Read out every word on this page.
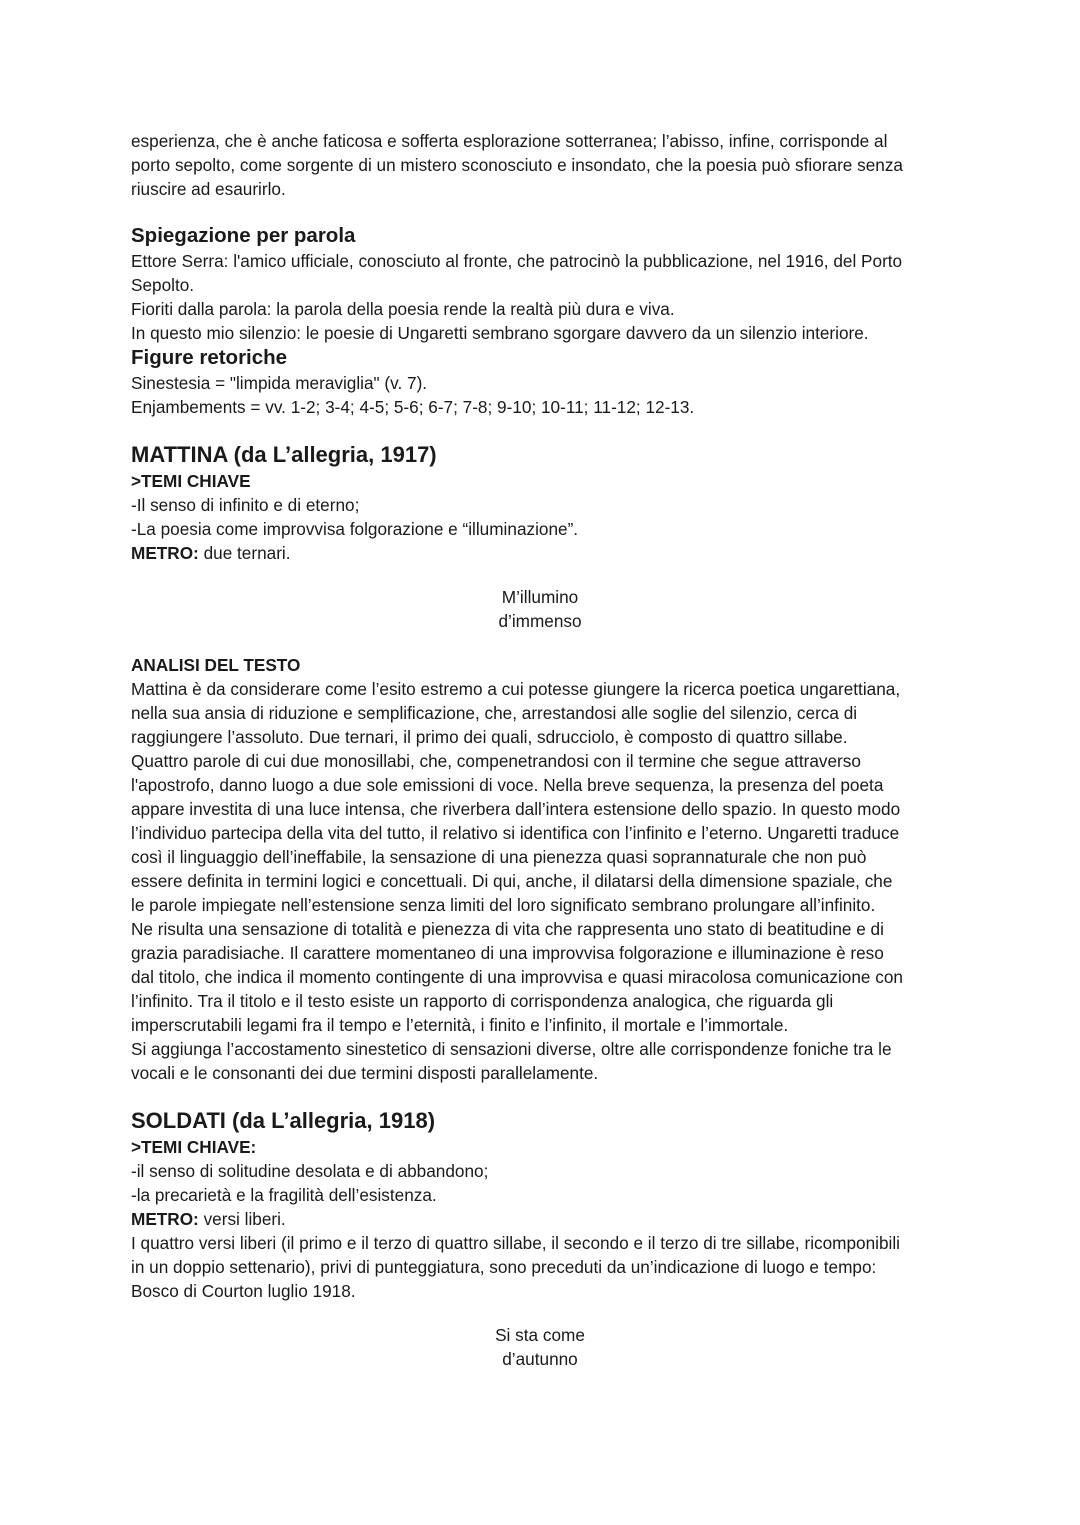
esperienza, che è anche faticosa e sofferta esplorazione sotterranea; l’abisso, infine, corrisponde al
porto sepolto, come sorgente di un mistero sconosciuto e insondato, che la poesia può sfiorare senza
riuscire ad esaurirlo.

Spiegazione per parola

Ettore Serra: l'amico ufficiale, conosciuto al fronte, che patrocinò la pubblicazione, nel 1916, del Porto
Sepolto.
Fioriti dalla parola: la parola della poesia rende la realtà più dura e viva.
In questo mio silenzio: le poesie di Ungaretti sembrano sgorgare davvero da un silenzio interiore.

Figure retoriche

Sinestesia = "limpida meraviglia" (v. 7).
Enjambements = vv. 1-2; 3-4; 4-5; 5-6; 6-7; 7-8; 9-10; 10-11; 11-12; 12-13.

MATTINA (da L’allegria, 1917)

>TEMI CHIAVE
-Il senso di infinito e di eterno;
-La poesia come improvvisa folgorazione e “illuminazione”.
METRO: due ternari.

M’illumino
d’immenso

ANALISI DEL TESTO
Mattina è da considerare come l’esito estremo a cui potesse giungere la ricerca poetica ungarettiana,
nella sua ansia di riduzione e semplificazione, che, arrestandosi alle soglie del silenzio, cerca di
raggiungere l’assoluto. Due ternari, il primo dei quali, sdrucciolo, è composto di quattro sillabe.
Quattro parole di cui due monosillabi, che, compenetrandosi con il termine che segue attraverso
l'apostrofo, danno luogo a due sole emissioni di voce. Nella breve sequenza, la presenza del poeta
appare investita di una luce intensa, che riverbera dall’intera estensione dello spazio. In questo modo
l’individuo partecipa della vita del tutto, il relativo si identifica con l’infinito e l’eterno. Ungaretti traduce
così il linguaggio dell’ineffabile, la sensazione di una pienezza quasi soprannaturale che non può
essere definita in termini logici e concettuali. Di qui, anche, il dilatarsi della dimensione spaziale, che
le parole impiegate nell’estensione senza limiti del loro significato sembrano prolungare all’infinito.
Ne risulta una sensazione di totalità e pienezza di vita che rappresenta uno stato di beatitudine e di
grazia paradisiache. Il carattere momentaneo di una improvvisa folgorazione e illuminazione è reso
dal titolo, che indica il momento contingente di una improvvisa e quasi miracolosa comunicazione con
l’infinito. Tra il titolo e il testo esiste un rapporto di corrispondenza analogica, che riguarda gli
imperscrutabili legami fra il tempo e l’eternità, i finito e l’infinito, il mortale e l’immortale.
Si aggiunga l’accostamento sinestetico di sensazioni diverse, oltre alle corrispondenze foniche tra le
vocali e le consonanti dei due termini disposti parallelamente.

SOLDATI (da L’allegria, 1918)

>TEMI CHIAVE:
-il senso di solitudine desolata e di abbandono;
-la precarietà e la fragilità dell’esistenza.
METRO: versi liberi.
I quattro versi liberi (il primo e il terzo di quattro sillabe, il secondo e il terzo di tre sillabe, ricomponibili
in un doppio settenario), privi di punteggiatura, sono preceduti da un’indicazione di luogo e tempo:
Bosco di Courton luglio 1918.

Si sta come
d’autunno
